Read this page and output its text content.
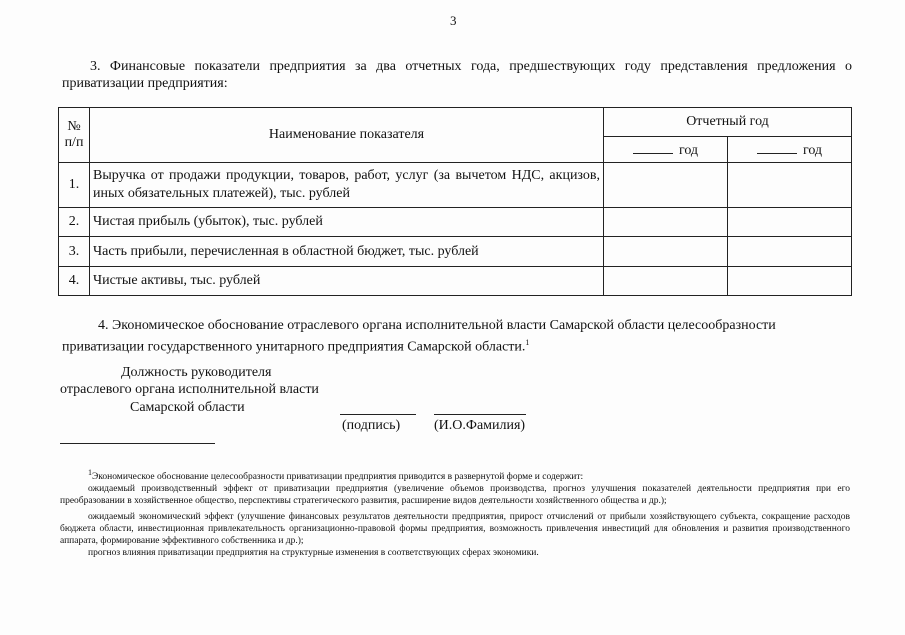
3
3. Финансовые показатели предприятия за два отчетных года, предшествующих году представления предложения о приватизации предприятия:
№ п/п	Наименование показателя	Отчетный год	
		год	год
1.	Выручка от продажи продукции, товаров, работ, услуг (за вычетом НДС, акцизов, иных обязательных платежей), тыс. рублей		
2.	Чистая прибыль (убыток), тыс. рублей		
3.	Часть прибыли, перечисленная в областной бюджет, тыс. рублей		
4.	Чистые активы, тыс. рублей		
4. Экономическое обоснование отраслевого органа исполнительной власти Самарской области целесообразности приватизации государственного унитарного предприятия Самарской области.$^1$
Должность руководителя
отраслевого органа исполнительной власти
Самарской области
(подпись) (И.О.Фамилия)

$^1$Экономическое обоснование целесообразности приватизации предприятия приводится в развернутой форме и содержит:

ожидаемый производственный эффект от приватизации предприятия (увеличение объемов производства, прогноз улучшения показателей деятельности предприятия при его преобразовании в хозяйственное общество, перспективы стратегического развития, расширение видов деятельности хозяйственного общества и др.);

ожидаемый экономический эффект (улучшение финансовых результатов деятельности предприятия, прирост отчислений от прибыли хозяйствующего субъекта, сокращение расходов бюджета области, инвестиционная привлекательность организационно-правовой формы предприятия, возможность привлечения инвестиций для обновления и развития производственного аппарата, формирование эффективного собственника и др.);

прогноз влияния приватизации предприятия на структурные изменения в соответствующих сферах экономики.
